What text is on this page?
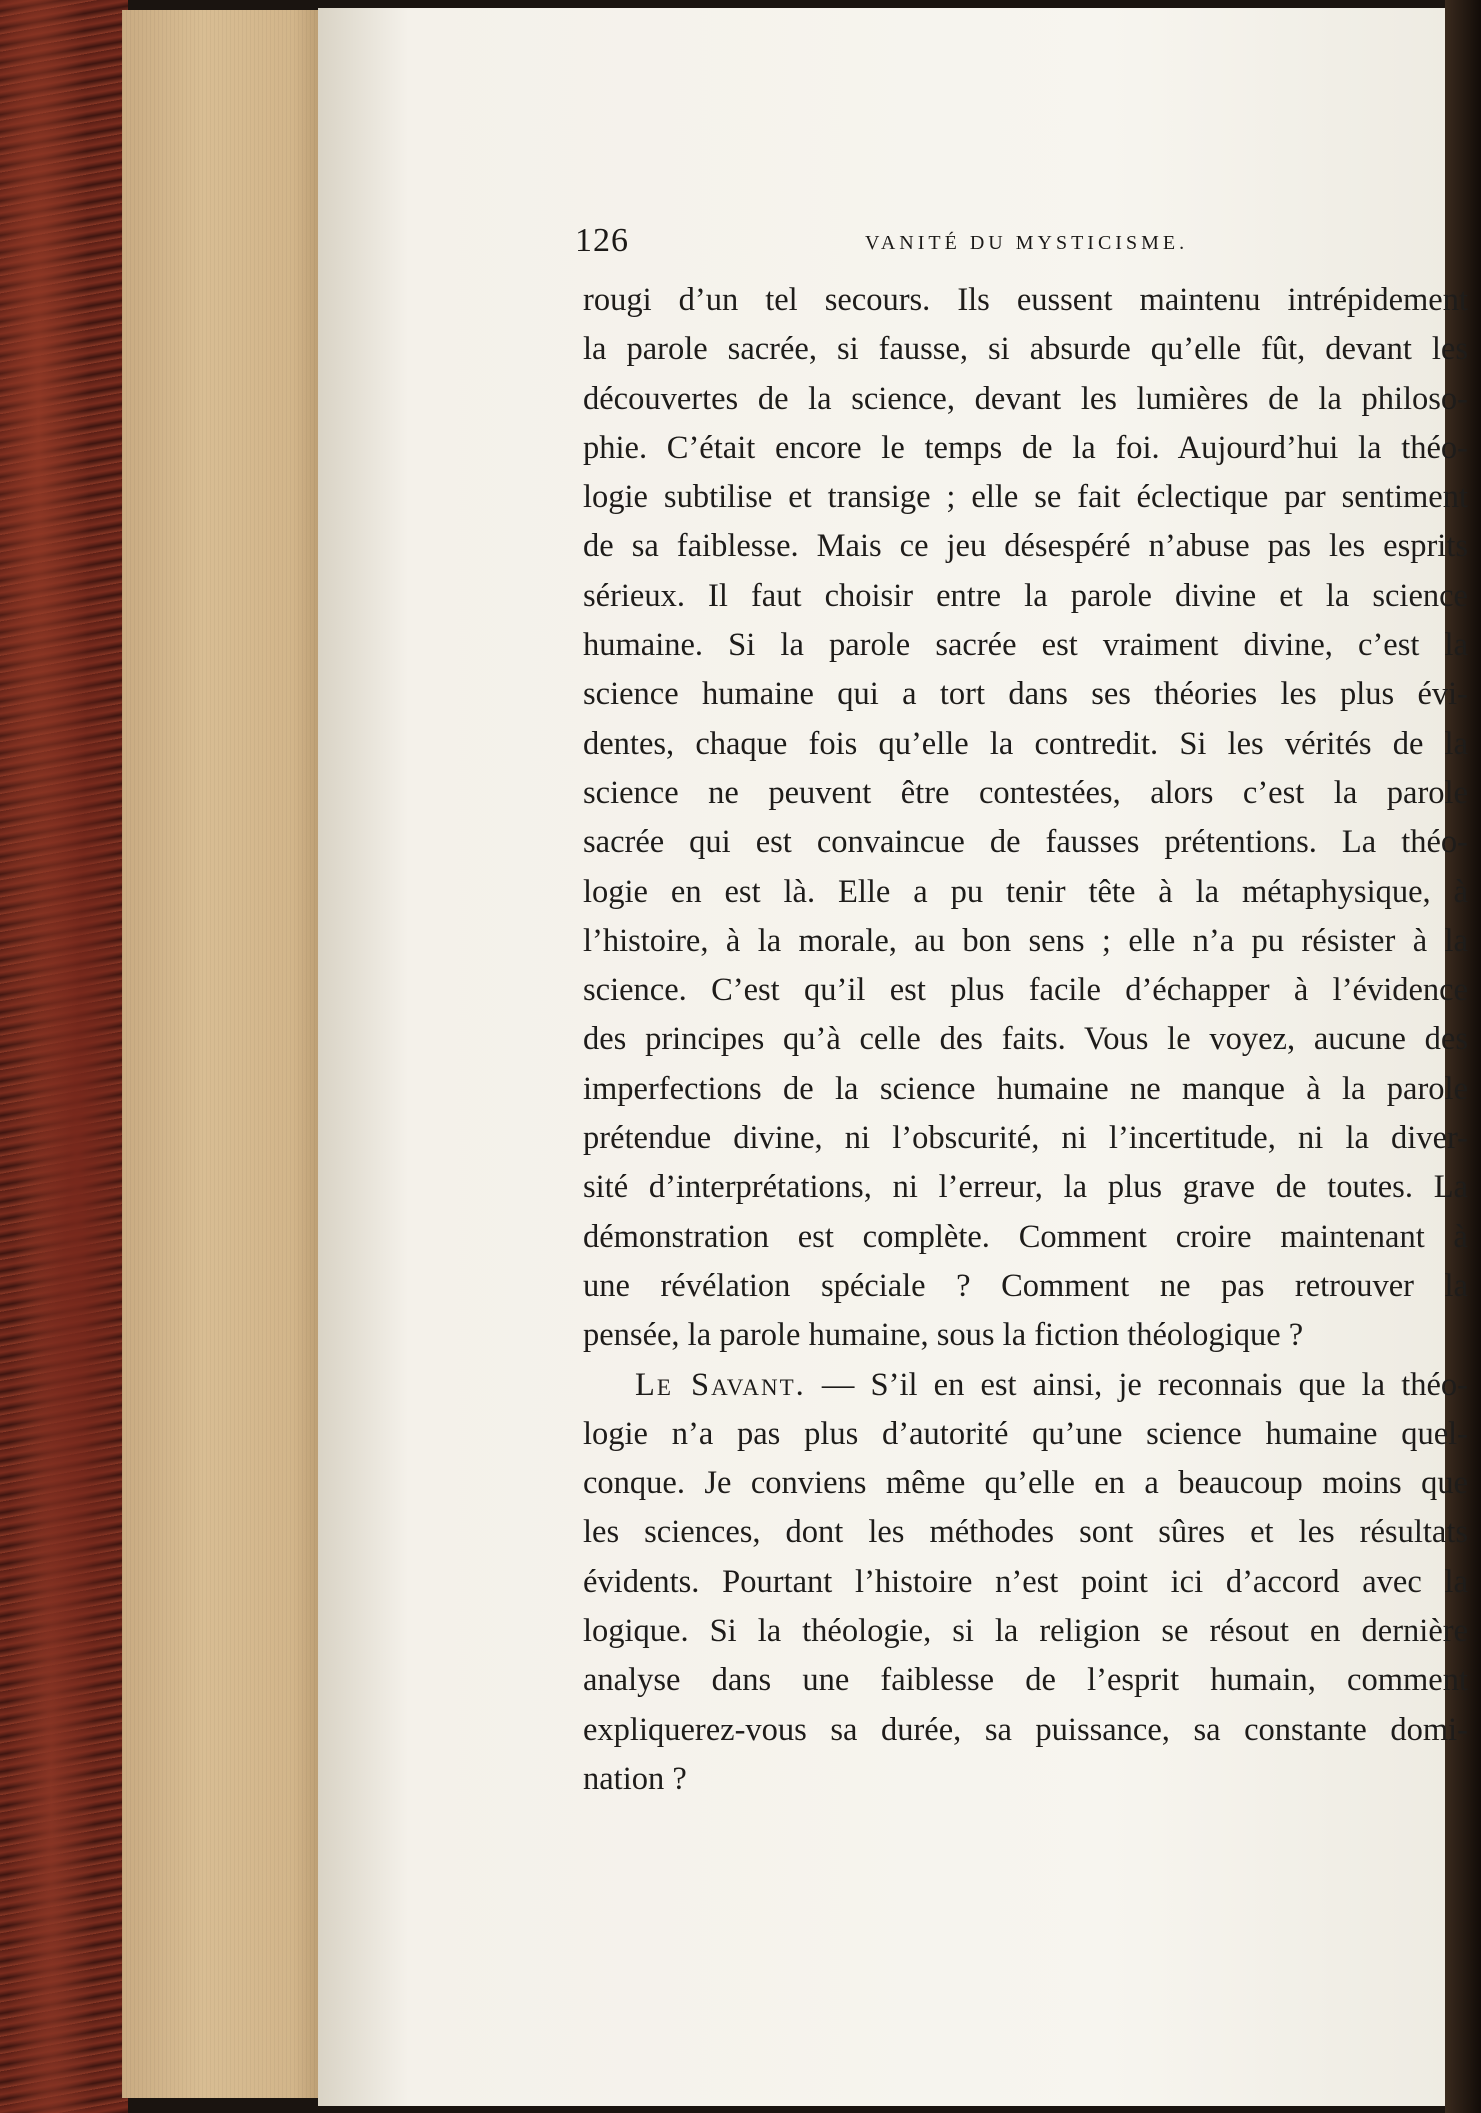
126	VANITÉ DU MYSTICISME.
rougi d’un tel secours. Ils eussent maintenu intrépidement
la parole sacrée, si fausse, si absurde qu’elle fût, devant les
découvertes de la science, devant les lumières de la philoso-
phie. C’était encore le temps de la foi. Aujourd’hui la théo-
logie subtilise et transige ; elle se fait éclectique par sentiment
de sa faiblesse. Mais ce jeu désespéré n’abuse pas les esprits
sérieux. Il faut choisir entre la parole divine et la science
humaine. Si la parole sacrée est vraiment divine, c’est la
science humaine qui a tort dans ses théories les plus évi-
dentes, chaque fois qu’elle la contredit. Si les vérités de la
science ne peuvent être contestées, alors c’est la parole
sacrée qui est convaincue de fausses prétentions. La théo-
logie en est là. Elle a pu tenir tête à la métaphysique, à
l’histoire, à la morale, au bon sens ; elle n’a pu résister à la
science. C’est qu’il est plus facile d’échapper à l’évidence
des principes qu’à celle des faits. Vous le voyez, aucune des
imperfections de la science humaine ne manque à la parole
prétendue divine, ni l’obscurité, ni l’incertitude, ni la diver-
sité d’interprétations, ni l’erreur, la plus grave de toutes. La
démonstration est complète. Comment croire maintenant à
une révélation spéciale ? Comment ne pas retrouver la
pensée, la parole humaine, sous la fiction théologique ?
Le Savant. — S’il en est ainsi, je reconnais que la théo-
logie n’a pas plus d’autorité qu’une science humaine quel-
conque. Je conviens même qu’elle en a beaucoup moins que
les sciences, dont les méthodes sont sûres et les résultats
évidents. Pourtant l’histoire n’est point ici d’accord avec la
logique. Si la théologie, si la religion se résout en dernière
analyse dans une faiblesse de l’esprit humain, comment
expliquerez-vous sa durée, sa puissance, sa constante domi-
nation ?
